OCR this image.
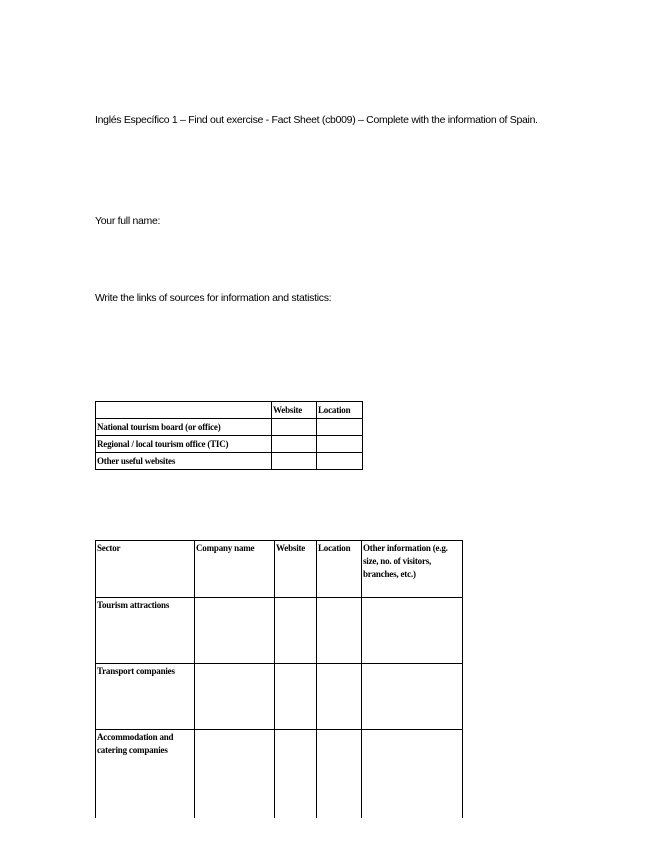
Inglés Específico 1 – Find out exercise - Fact Sheet (cb009) – Complete with the information of Spain.
Your full name:
Write the links of sources for information and statistics:
	Website	Location
National tourism board (or office)		
Regional / local tourism office (TIC)		
Other useful websites		
Sector	Company name	Website	Location	Other information (e.g. size, no. of visitors, branches, etc.)
Tourism attractions				
Transport companies				
Accommodation and catering companies				
